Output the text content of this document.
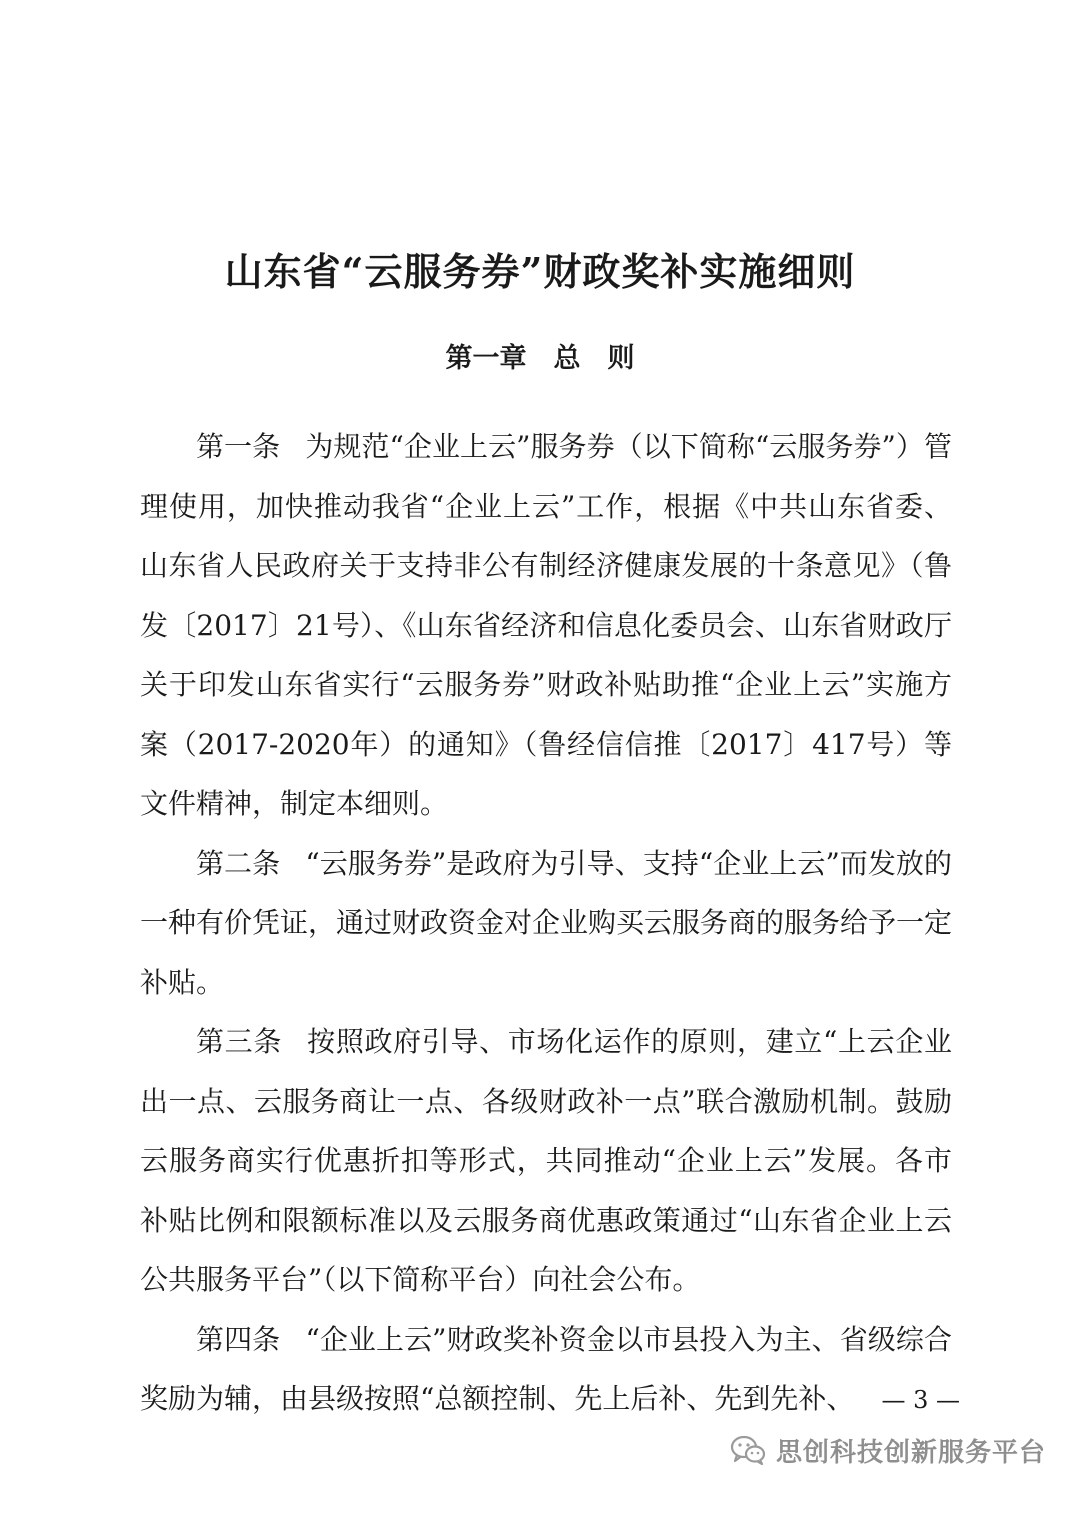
山东省“云服务券”财政奖补实施细则
第一章　总　则

第一条 为规范“企业上云”服务券（以下简称“云服务券”）管理使用，加快推动我省“企业上云”工作，根据《中共山东省委、山东省人民政府关于支持非公有制经济健康发展的十条意见》（鲁发〔2017〕21号）、《山东省经济和信息化委员会、山东省财政厅关于印发山东省实行“云服务券”财政补贴助推“企业上云”实施方案（2017-2020年）的通知》（鲁经信信推〔2017〕417号）等文件精神，制定本细则。

第二条 “云服务券”是政府为引导、支持“企业上云”而发放的一种有价凭证，通过财政资金对企业购买云服务商的服务给予一定补贴。

第三条 按照政府引导、市场化运作的原则，建立“上云企业出一点、云服务商让一点、各级财政补一点”联合激励机制。鼓励云服务商实行优惠折扣等形式，共同推动“企业上云”发展。各市补贴比例和限额标准以及云服务商优惠政策通过“山东省企业上云公共服务平台”（以下简称平台）向社会公布。

第四条 “企业上云”财政奖补资金以市县投入为主、省级综合奖励为辅，由县级按照“总额控制、先上后补、先到先补、	— 3 —
思创科技创新服务平台
